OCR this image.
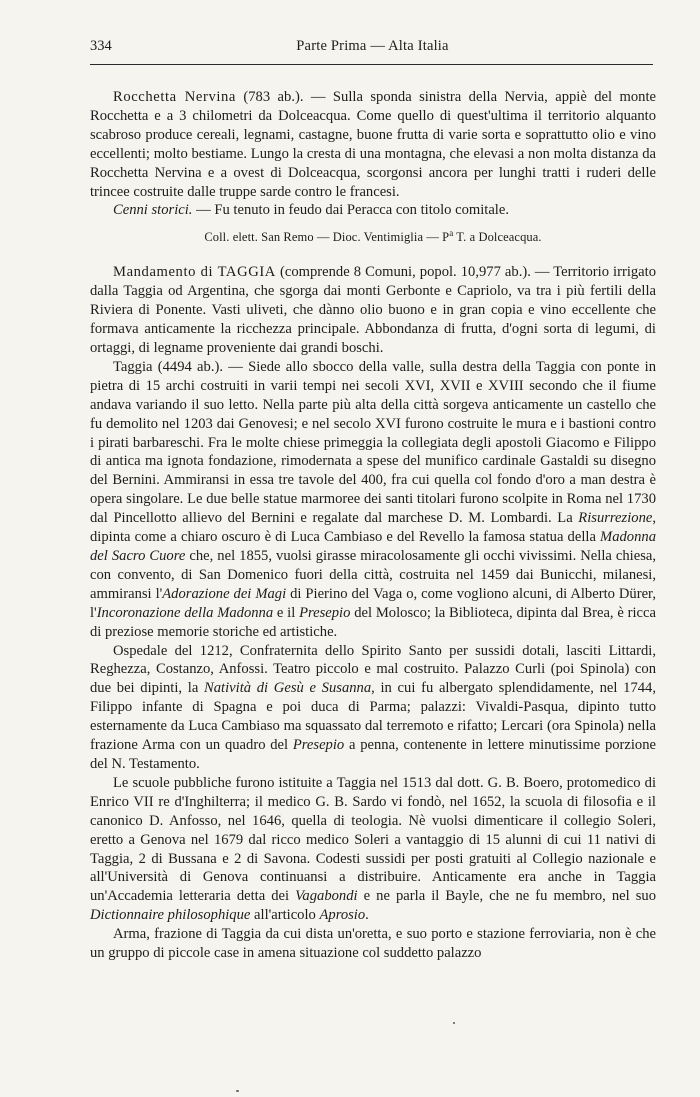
334	Parte Prima — Alta Italia

Rocchetta Nervina (783 ab.). — Sulla sponda sinistra della Nervia, appiè del monte Rocchetta e a 3 chilometri da Dolceacqua. Come quello di quest'ultima il territorio alquanto scabroso produce cereali, legnami, castagne, buone frutta di varie sorta e soprattutto olio e vino eccellenti; molto bestiame. Lungo la cresta di una montagna, che elevasi a non molta distanza da Rocchetta Nervina e a ovest di Dolceacqua, scorgonsi ancora per lunghi tratti i ruderi delle trincee costruite dalle truppe sarde contro le francesi.

Cenni storici. — Fu tenuto in feudo dai Peracca con titolo comitale.

Coll. elett. San Remo — Dioc. Ventimiglia — $P^a$ T. a Dolceacqua.

Mandamento di TAGGIA (comprende 8 Comuni, popol. 10,977 ab.). — Territorio irrigato dalla Taggia od Argentina, che sgorga dai monti Gerbonte e Capriolo, va tra i più fertili della Riviera di Ponente. Vasti uliveti, che dànno olio buono e in gran copia e vino eccellente che formava anticamente la ricchezza principale. Abbondanza di frutta, d'ogni sorta di legumi, di ortaggi, di legname proveniente dai grandi boschi.

Taggia (4494 ab.). — Siede allo sbocco della valle, sulla destra della Taggia con ponte in pietra di 15 archi costruiti in varii tempi nei secoli XVI, XVII e XVIII secondo che il fiume andava variando il suo letto. Nella parte più alta della città sorgeva anticamente un castello che fu demolito nel 1203 dai Genovesi; e nel secolo XVI furono costruite le mura e i bastioni contro i pirati barbareschi. Fra le molte chiese primeggia la collegiata degli apostoli Giacomo e Filippo di antica ma ignota fondazione, rimodernata a spese del munifico cardinale Gastaldi su disegno del Bernini. Ammiransi in essa tre tavole del 400, fra cui quella col fondo d'oro a man destra è opera singolare. Le due belle statue marmoree dei santi titolari furono scolpite in Roma nel 1730 dal Pincellotto allievo del Bernini e regalate dal marchese D. M. Lombardi. La Risurrezione, dipinta come a chiaro oscuro è di Luca Cambiaso e del Revello la famosa statua della Madonna del Sacro Cuore che, nel 1855, vuolsi girasse miracolosamente gli occhi vivissimi. Nella chiesa, con convento, di San Domenico fuori della città, costruita nel 1459 dai Bunicchi, milanesi, ammiransi l'Adorazione dei Magi di Pierino del Vaga o, come vogliono alcuni, di Alberto Dürer, l'Incoronazione della Madonna e il Presepio del Molosco; la Biblioteca, dipinta dal Brea, è ricca di preziose memorie storiche ed artistiche.

Ospedale del 1212, Confraternita dello Spirito Santo per sussidi dotali, lasciti Littardi, Reghezza, Costanzo, Anfossi. Teatro piccolo e mal costruito. Palazzo Curli (poi Spinola) con due bei dipinti, la Natività di Gesù e Susanna, in cui fu albergato splendidamente, nel 1744, Filippo infante di Spagna e poi duca di Parma; palazzi: Vivaldi-Pasqua, dipinto tutto esternamente da Luca Cambiaso ma squassato dal terremoto e rifatto; Lercari (ora Spinola) nella frazione Arma con un quadro del Presepio a penna, contenente in lettere minutissime porzione del N. Testamento.

Le scuole pubbliche furono istituite a Taggia nel 1513 dal dott. G. B. Boero, protomedico di Enrico VII re d'Inghilterra; il medico G. B. Sardo vi fondò, nel 1652, la scuola di filosofia e il canonico D. Anfosso, nel 1646, quella di teologia. Nè vuolsi dimenticare il collegio Soleri, eretto a Genova nel 1679 dal ricco medico Soleri a vantaggio di 15 alunni di cui 11 nativi di Taggia, 2 di Bussana e 2 di Savona. Codesti sussidi per posti gratuiti al Collegio nazionale e all'Università di Genova continuansi a distribuire. Anticamente era anche in Taggia un'Accademia letteraria detta dei Vagabondi e ne parla il Bayle, che ne fu membro, nel suo Dictionnaire philosophique all'articolo Aprosio.

Arma, frazione di Taggia da cui dista un'oretta, e suo porto e stazione ferroviaria, non è che un gruppo di piccole case in amena situazione col suddetto palazzo
